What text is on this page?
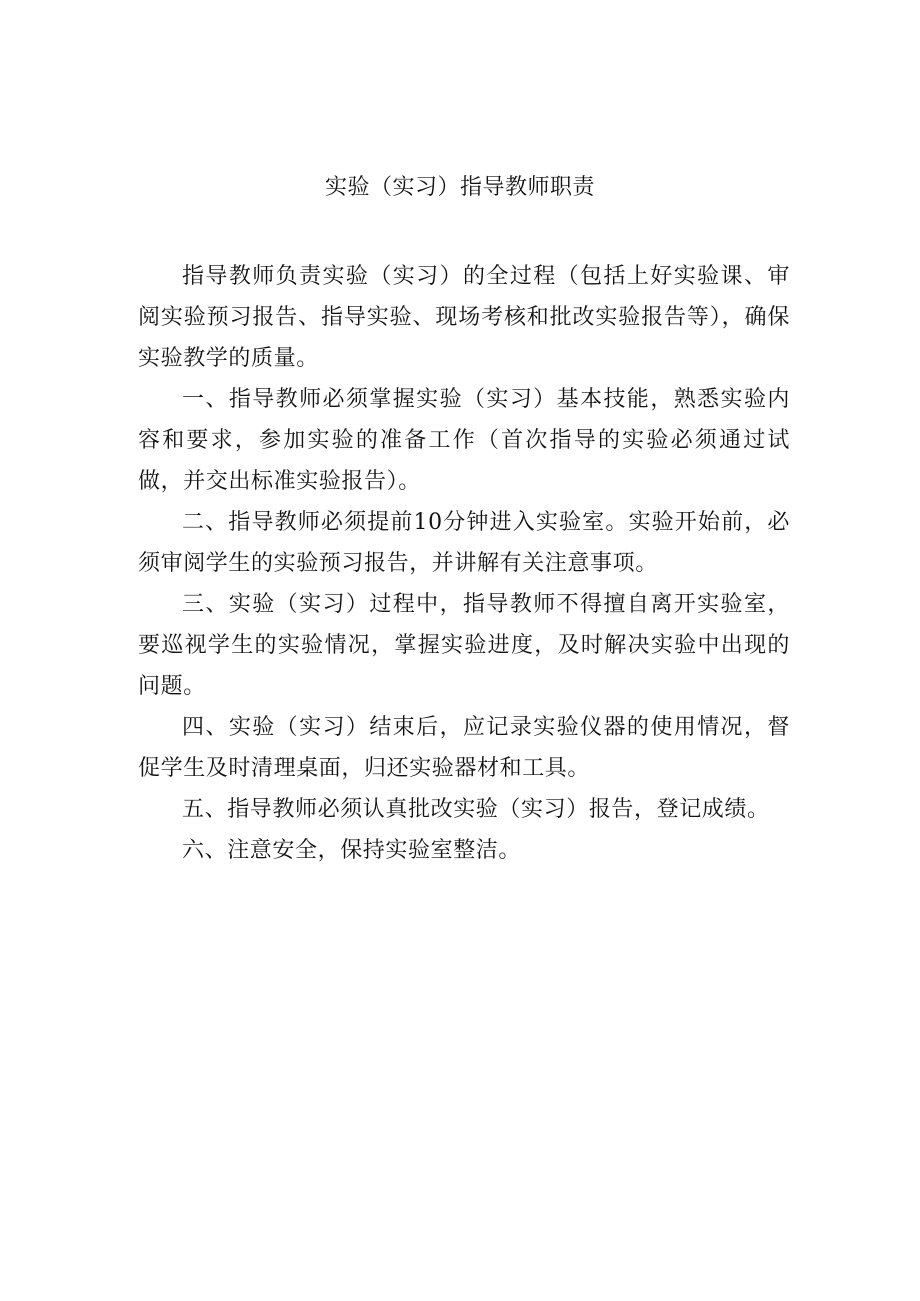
实验（实习）指导教师职责

指导教师负责实验（实习）的全过程（包括上好实验课、审阅实验预习报告、指导实验、现场考核和批改实验报告等），确保实验教学的质量。

一、指导教师必须掌握实验（实习）基本技能，熟悉实验内容和要求，参加实验的准备工作（首次指导的实验必须通过试做，并交出标准实验报告）。

二、指导教师必须提前10分钟进入实验室。实验开始前，必须审阅学生的实验预习报告，并讲解有关注意事项。

三、实验（实习）过程中，指导教师不得擅自离开实验室，要巡视学生的实验情况，掌握实验进度，及时解决实验中出现的问题。

四、实验（实习）结束后，应记录实验仪器的使用情况，督促学生及时清理桌面，归还实验器材和工具。

五、指导教师必须认真批改实验（实习）报告，登记成绩。

六、注意安全，保持实验室整洁。
